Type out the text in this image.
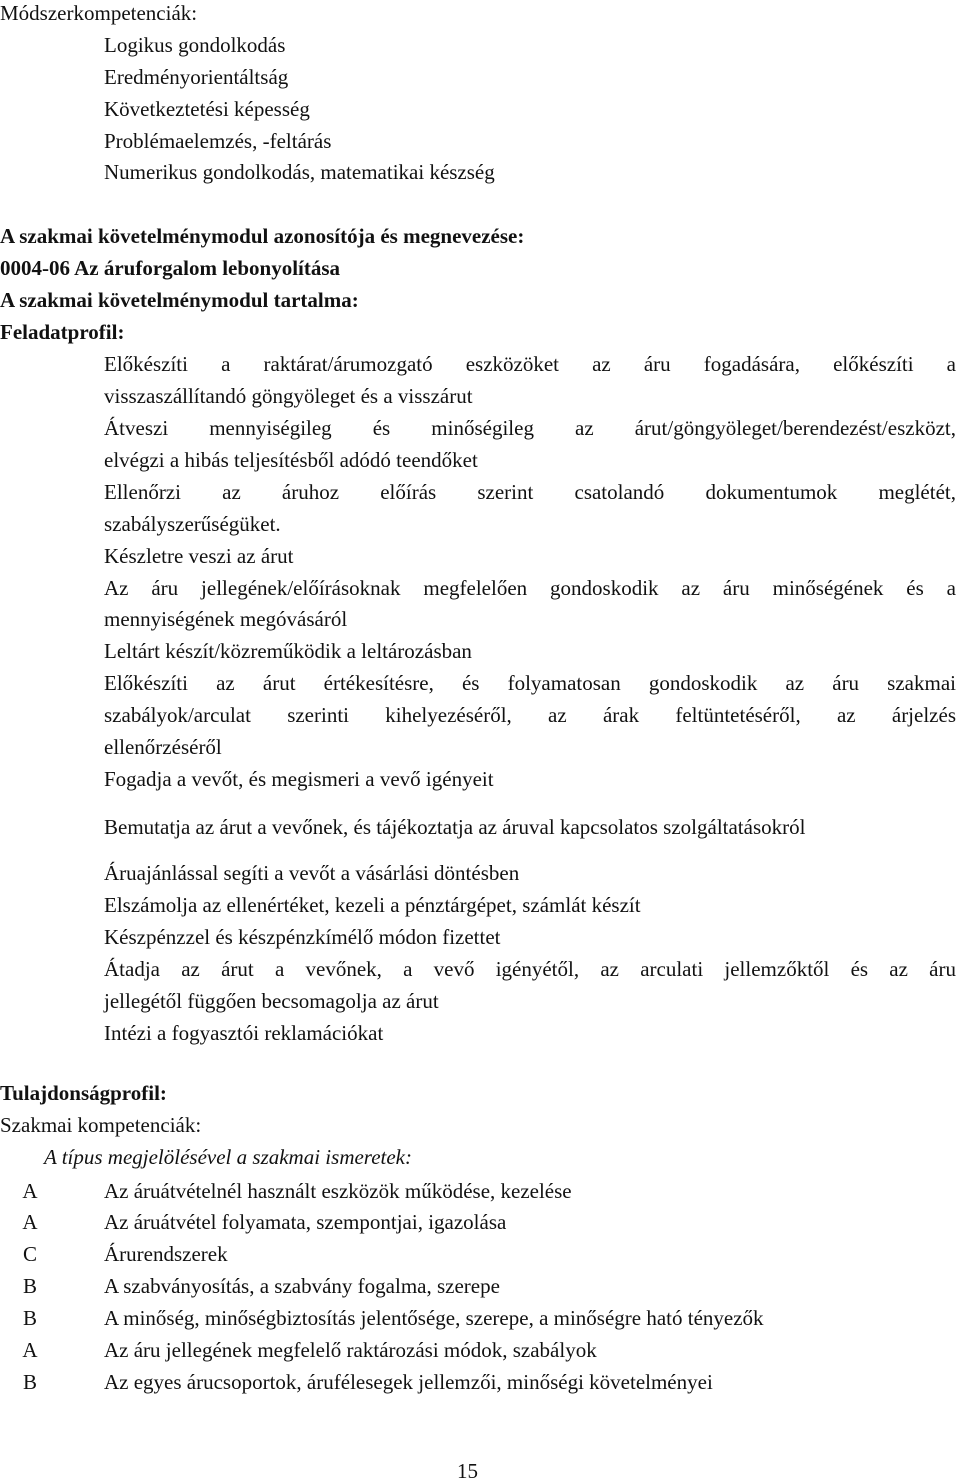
Módszerkompetenciák:
Logikus gondolkodás
Eredményorientáltság
Következtetési képesség
Problémaelemzés, -feltárás
Numerikus gondolkodás, matematikai készség
A szakmai követelménymodul azonosítója és megnevezése:
0004-06 Az áruforgalom lebonyolítása
A szakmai követelménymodul tartalma:
Feladatprofil:
Előkészíti a raktárat/árumozgató eszközöket az áru fogadására, előkészíti a
visszaszállítandó göngyöleget és a visszárut
Átveszi mennyiségileg és minőségileg az árut/göngyöleget/berendezést/eszközt,
elvégzi a hibás teljesítésből adódó teendőket
Ellenőrzi az áruhoz előírás szerint csatolandó dokumentumok meglétét,
szabályszerűségüket.
Készletre veszi az árut
Az áru jellegének/előírásoknak megfelelően gondoskodik az áru minőségének és a
mennyiségének megóvásáról
Leltárt készít/közreműködik a leltározásban
Előkészíti az árut értékesítésre, és folyamatosan gondoskodik az áru szakmai
szabályok/arculat szerinti kihelyezéséről, az árak feltüntetéséről, az árjelzés
ellenőrzéséről
Fogadja a vevőt, és megismeri a vevő igényeit
Bemutatja az árut a vevőnek, és tájékoztatja az áruval kapcsolatos szolgáltatásokról
Áruajánlással segíti a vevőt a vásárlási döntésben
Elszámolja az ellenértéket, kezeli a pénztárgépet, számlát készít
Készpénzzel és készpénzkímélő módon fizettet
Átadja az árut a vevőnek, a vevő igényétől, az arculati jellemzőktől és az áru
jellegétől függően becsomagolja az árut
Intézi a fogyasztói reklamációkat
Tulajdonságprofil:
Szakmai kompetenciák:
A típus megjelölésével a szakmai ismeretek:
A	Az áruátvételnél használt eszközök működése, kezelése
A	Az áruátvétel folyamata, szempontjai, igazolása
C	Árurendszerek
B	A szabványosítás, a szabvány fogalma, szerepe
B	A minőség, minőségbiztosítás jelentősége, szerepe, a minőségre ható tényezők
A	Az áru jellegének megfelelő raktározási módok, szabályok
B	Az egyes árucsoportok, árufélesegek jellemzői, minőségi követelményei
15
